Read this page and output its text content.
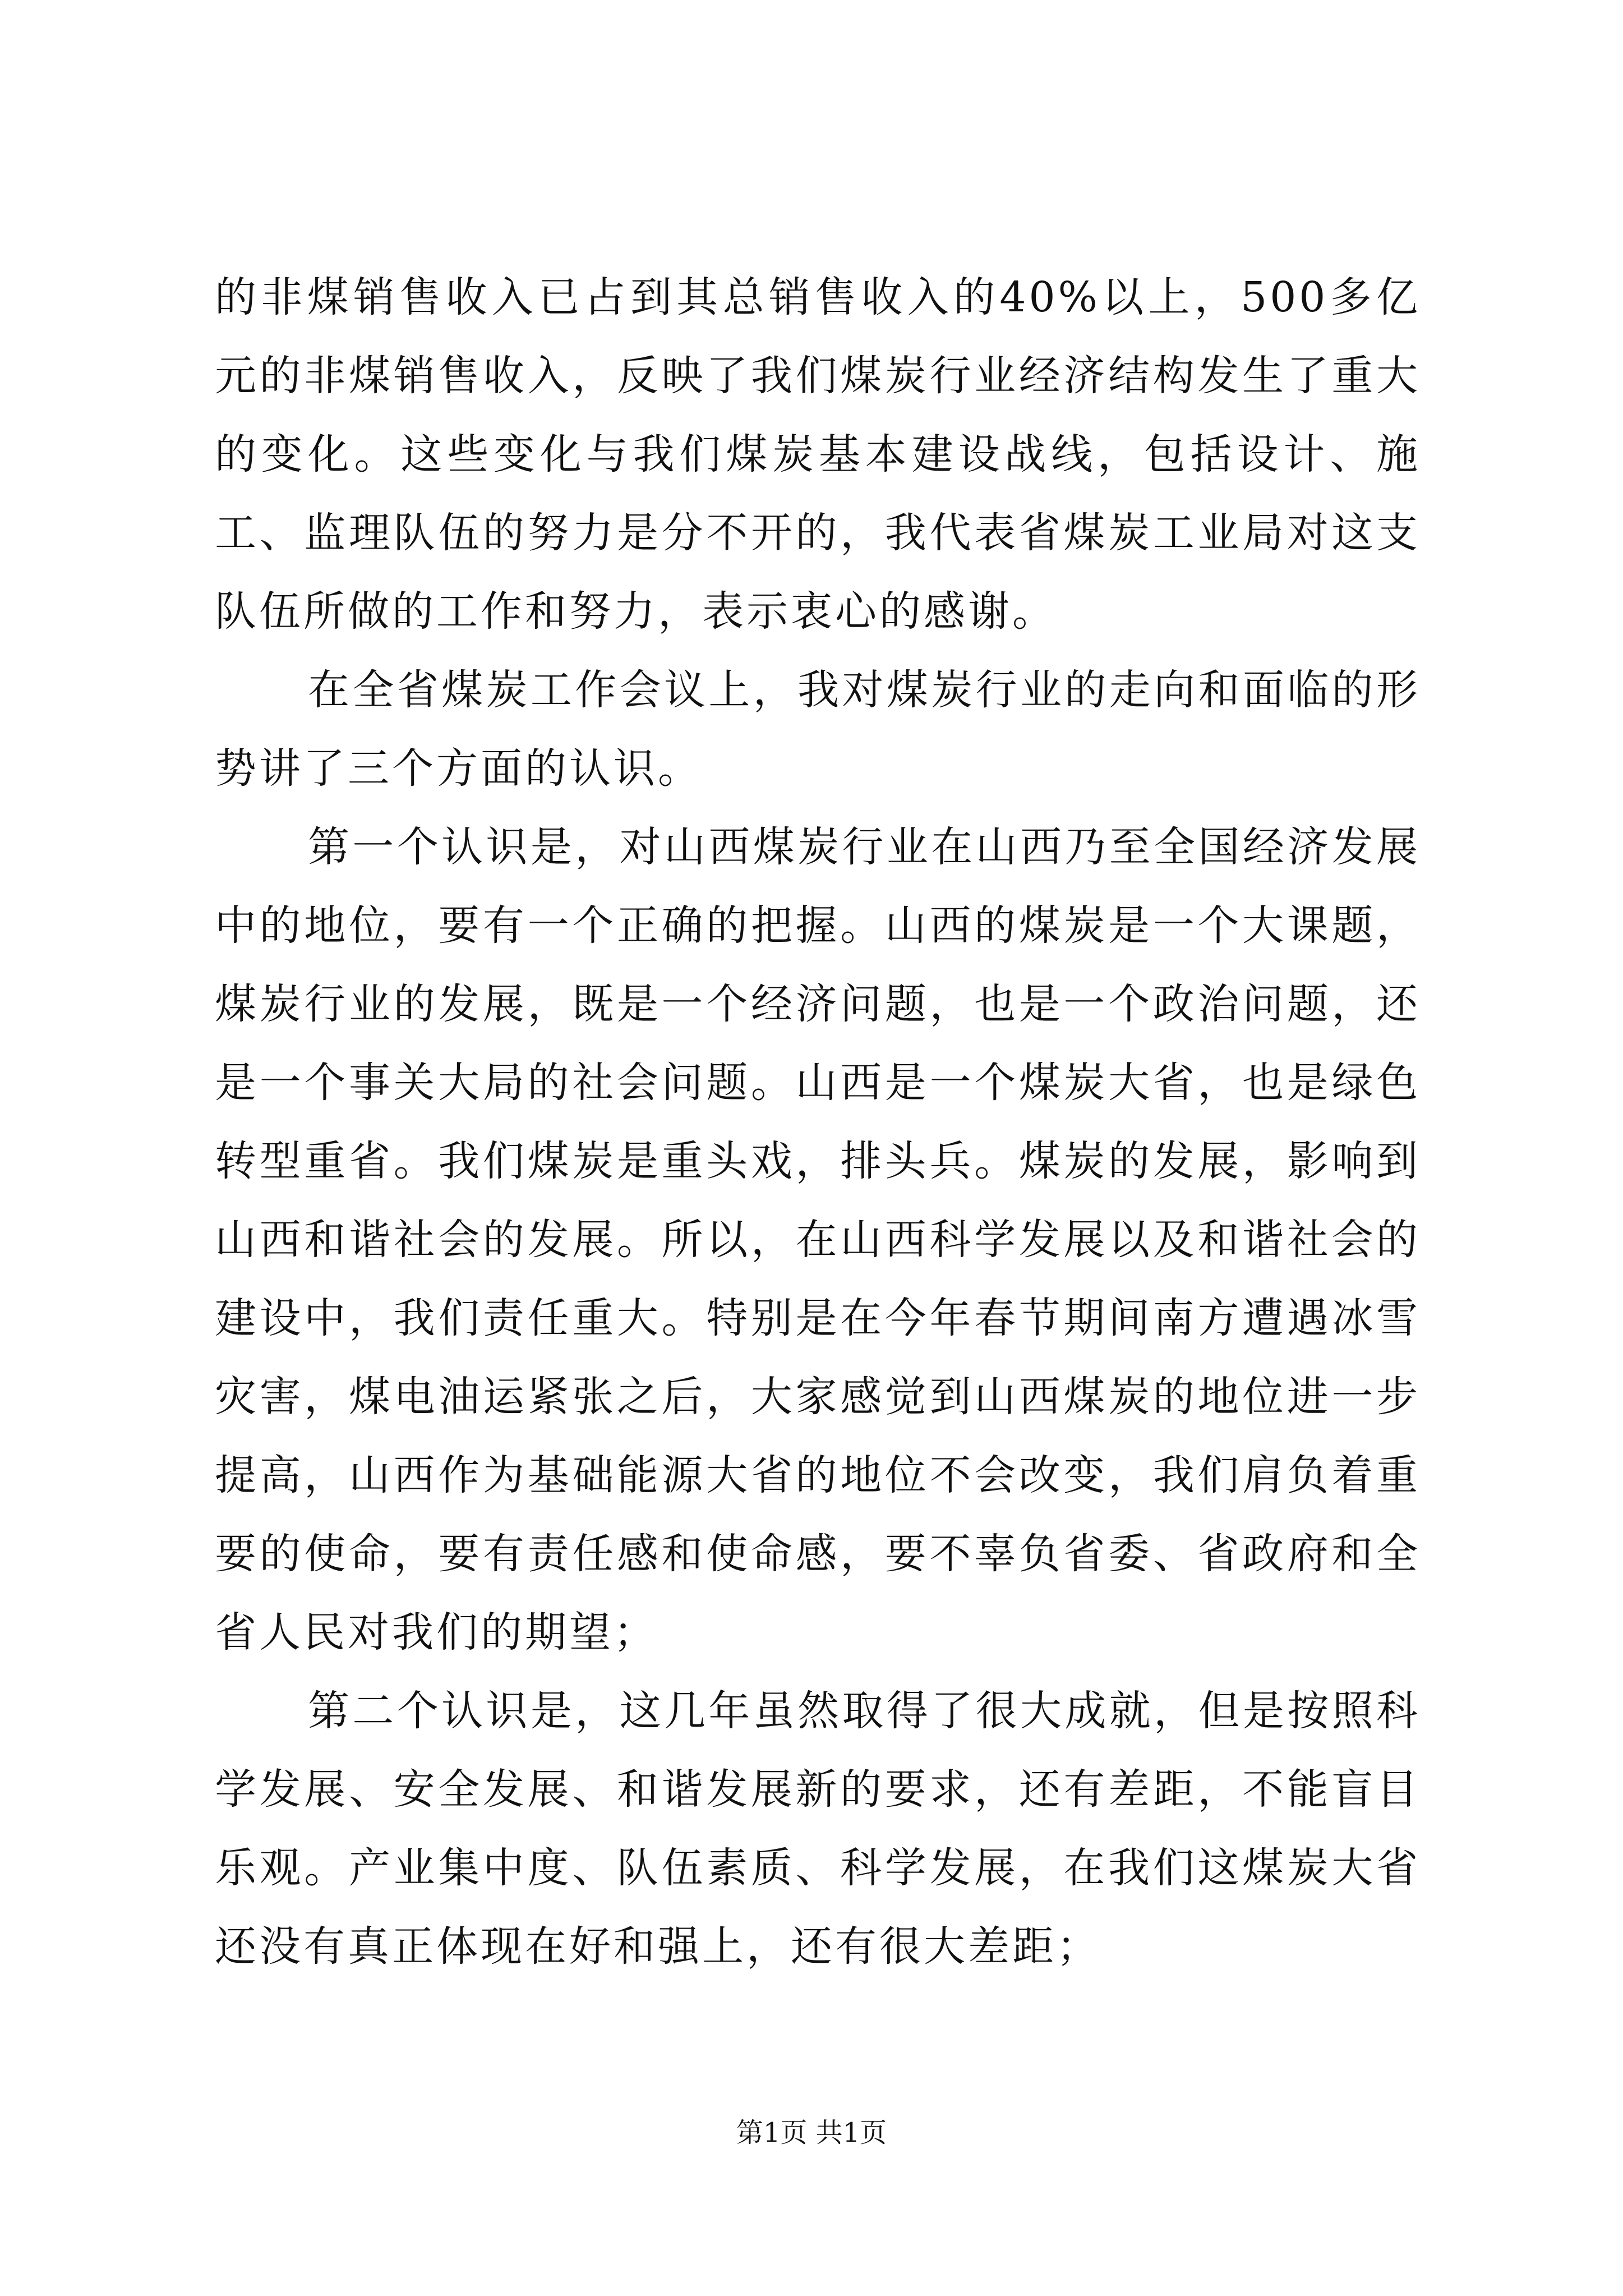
的非煤销售收入已占到其总销售收入的40%以上，500多亿元的非煤销售收入，反映了我们煤炭行业经济结构发生了重大的变化。这些变化与我们煤炭基本建设战线，包括设计、施工、监理队伍的努力是分不开的，我代表省煤炭工业局对这支队伍所做的工作和努力，表示衷心的感谢。

在全省煤炭工作会议上，我对煤炭行业的走向和面临的形势讲了三个方面的认识。

第一个认识是，对山西煤炭行业在山西乃至全国经济发展中的地位，要有一个正确的把握。山西的煤炭是一个大课题，煤炭行业的发展，既是一个经济问题，也是一个政治问题，还是一个事关大局的社会问题。山西是一个煤炭大省，也是绿色转型重省。我们煤炭是重头戏，排头兵。煤炭的发展，影响到山西和谐社会的发展。所以，在山西科学发展以及和谐社会的建设中，我们责任重大。特别是在今年春节期间南方遭遇冰雪灾害，煤电油运紧张之后，大家感觉到山西煤炭的地位进一步提高，山西作为基础能源大省的地位不会改变，我们肩负着重要的使命，要有责任感和使命感，要不辜负省委、省政府和全省人民对我们的期望；

第二个认识是，这几年虽然取得了很大成就，但是按照科学发展、安全发展、和谐发展新的要求，还有差距，不能盲目乐观。产业集中度、队伍素质、科学发展，在我们这煤炭大省还没有真正体现在好和强上，还有很大差距；

第1页 共1页
